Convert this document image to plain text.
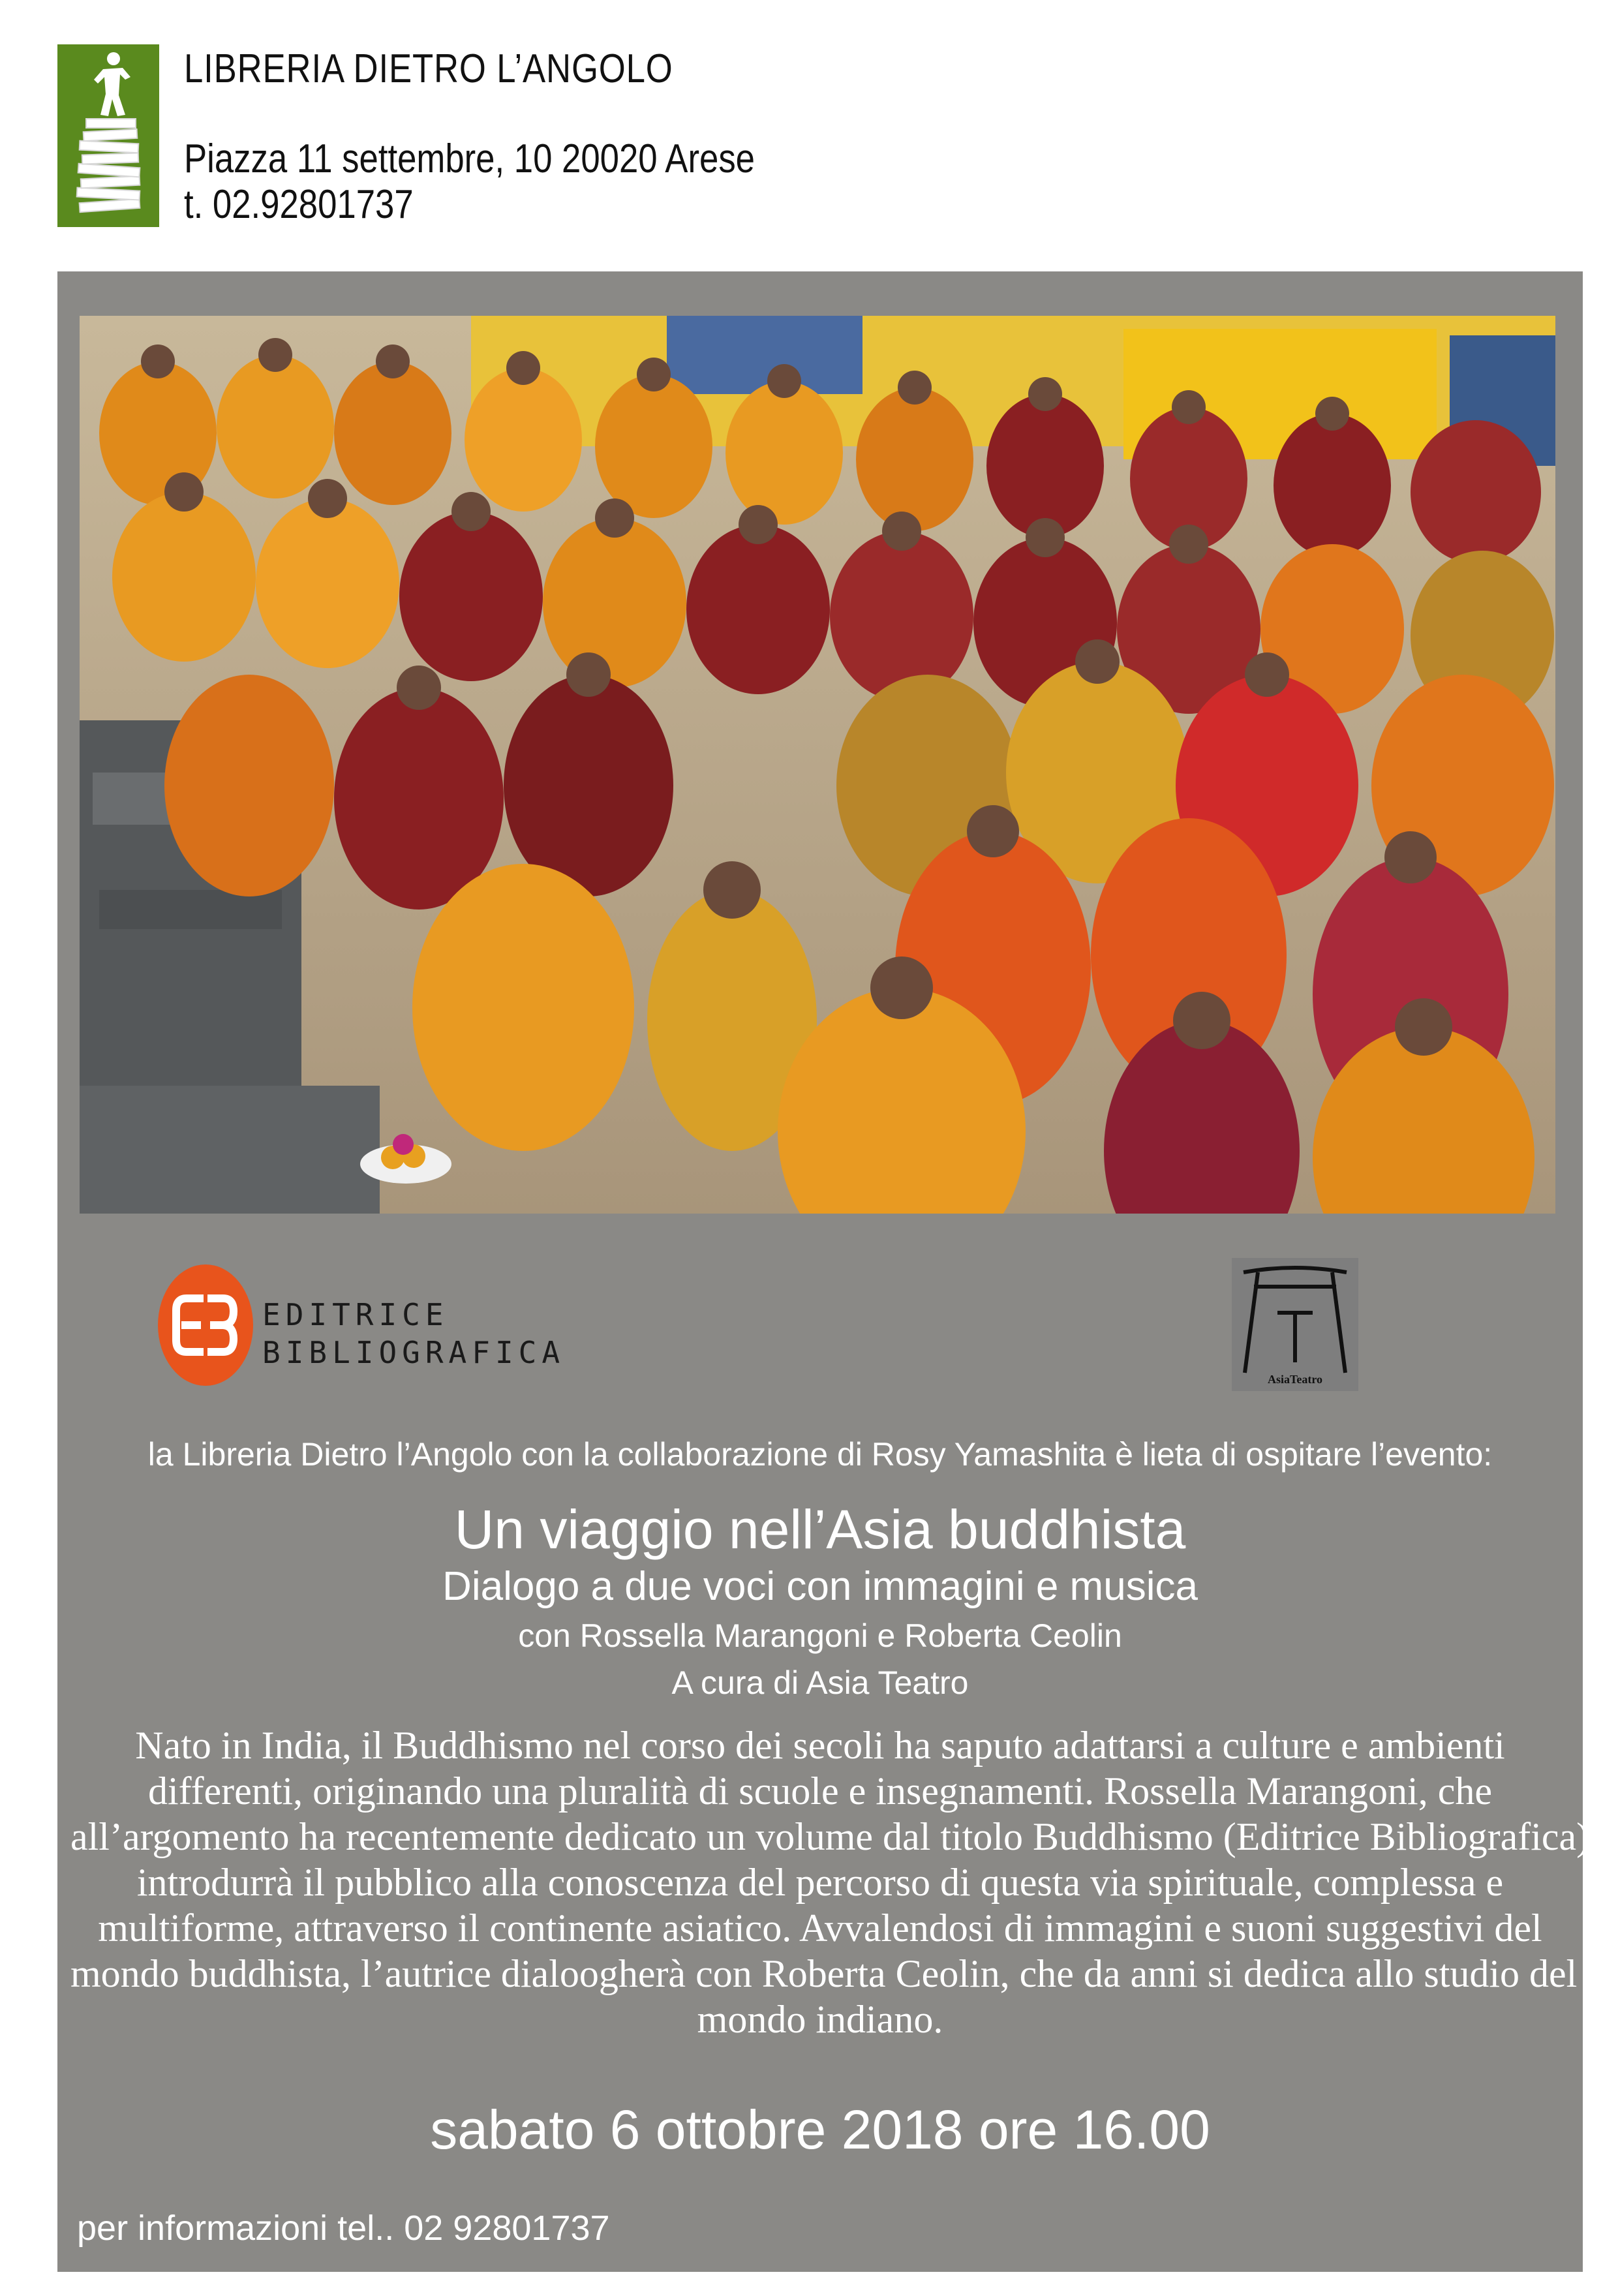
LIBRERIA DIETRO L’ANGOLO
Piazza 11 settembre, 10 20020 Arese
t. 02.92801737
EDITRICE
BIBLIOGRAFICA
AsiaTeatro
la Libreria Dietro l’Angolo con la collaborazione di Rosy Yamashita è lieta di ospitare l’evento:
Un viaggio nell’Asia buddhista
Dialogo a due voci con immagini e musica
con Rossella Marangoni e Roberta Ceolin
A cura di Asia Teatro
Nato in India, il Buddhismo nel corso dei secoli ha saputo adattarsi a culture e ambienti
differenti, originando una pluralità di scuole e insegnamenti. Rossella Marangoni, che
all’argomento ha recentemente dedicato un volume dal titolo Buddhismo (Editrice Bibliografica),
introdurrà il pubblico alla conoscenza del percorso di questa via spirituale, complessa e
multiforme, attraverso il continente asiatico. Avvalendosi di immagini e suoni suggestivi del
mondo buddhista, l’autrice dialoogherà con Roberta Ceolin, che da anni si dedica allo studio del
mondo indiano.
sabato 6 ottobre 2018 ore 16.00
per informazioni tel.. 02 92801737
